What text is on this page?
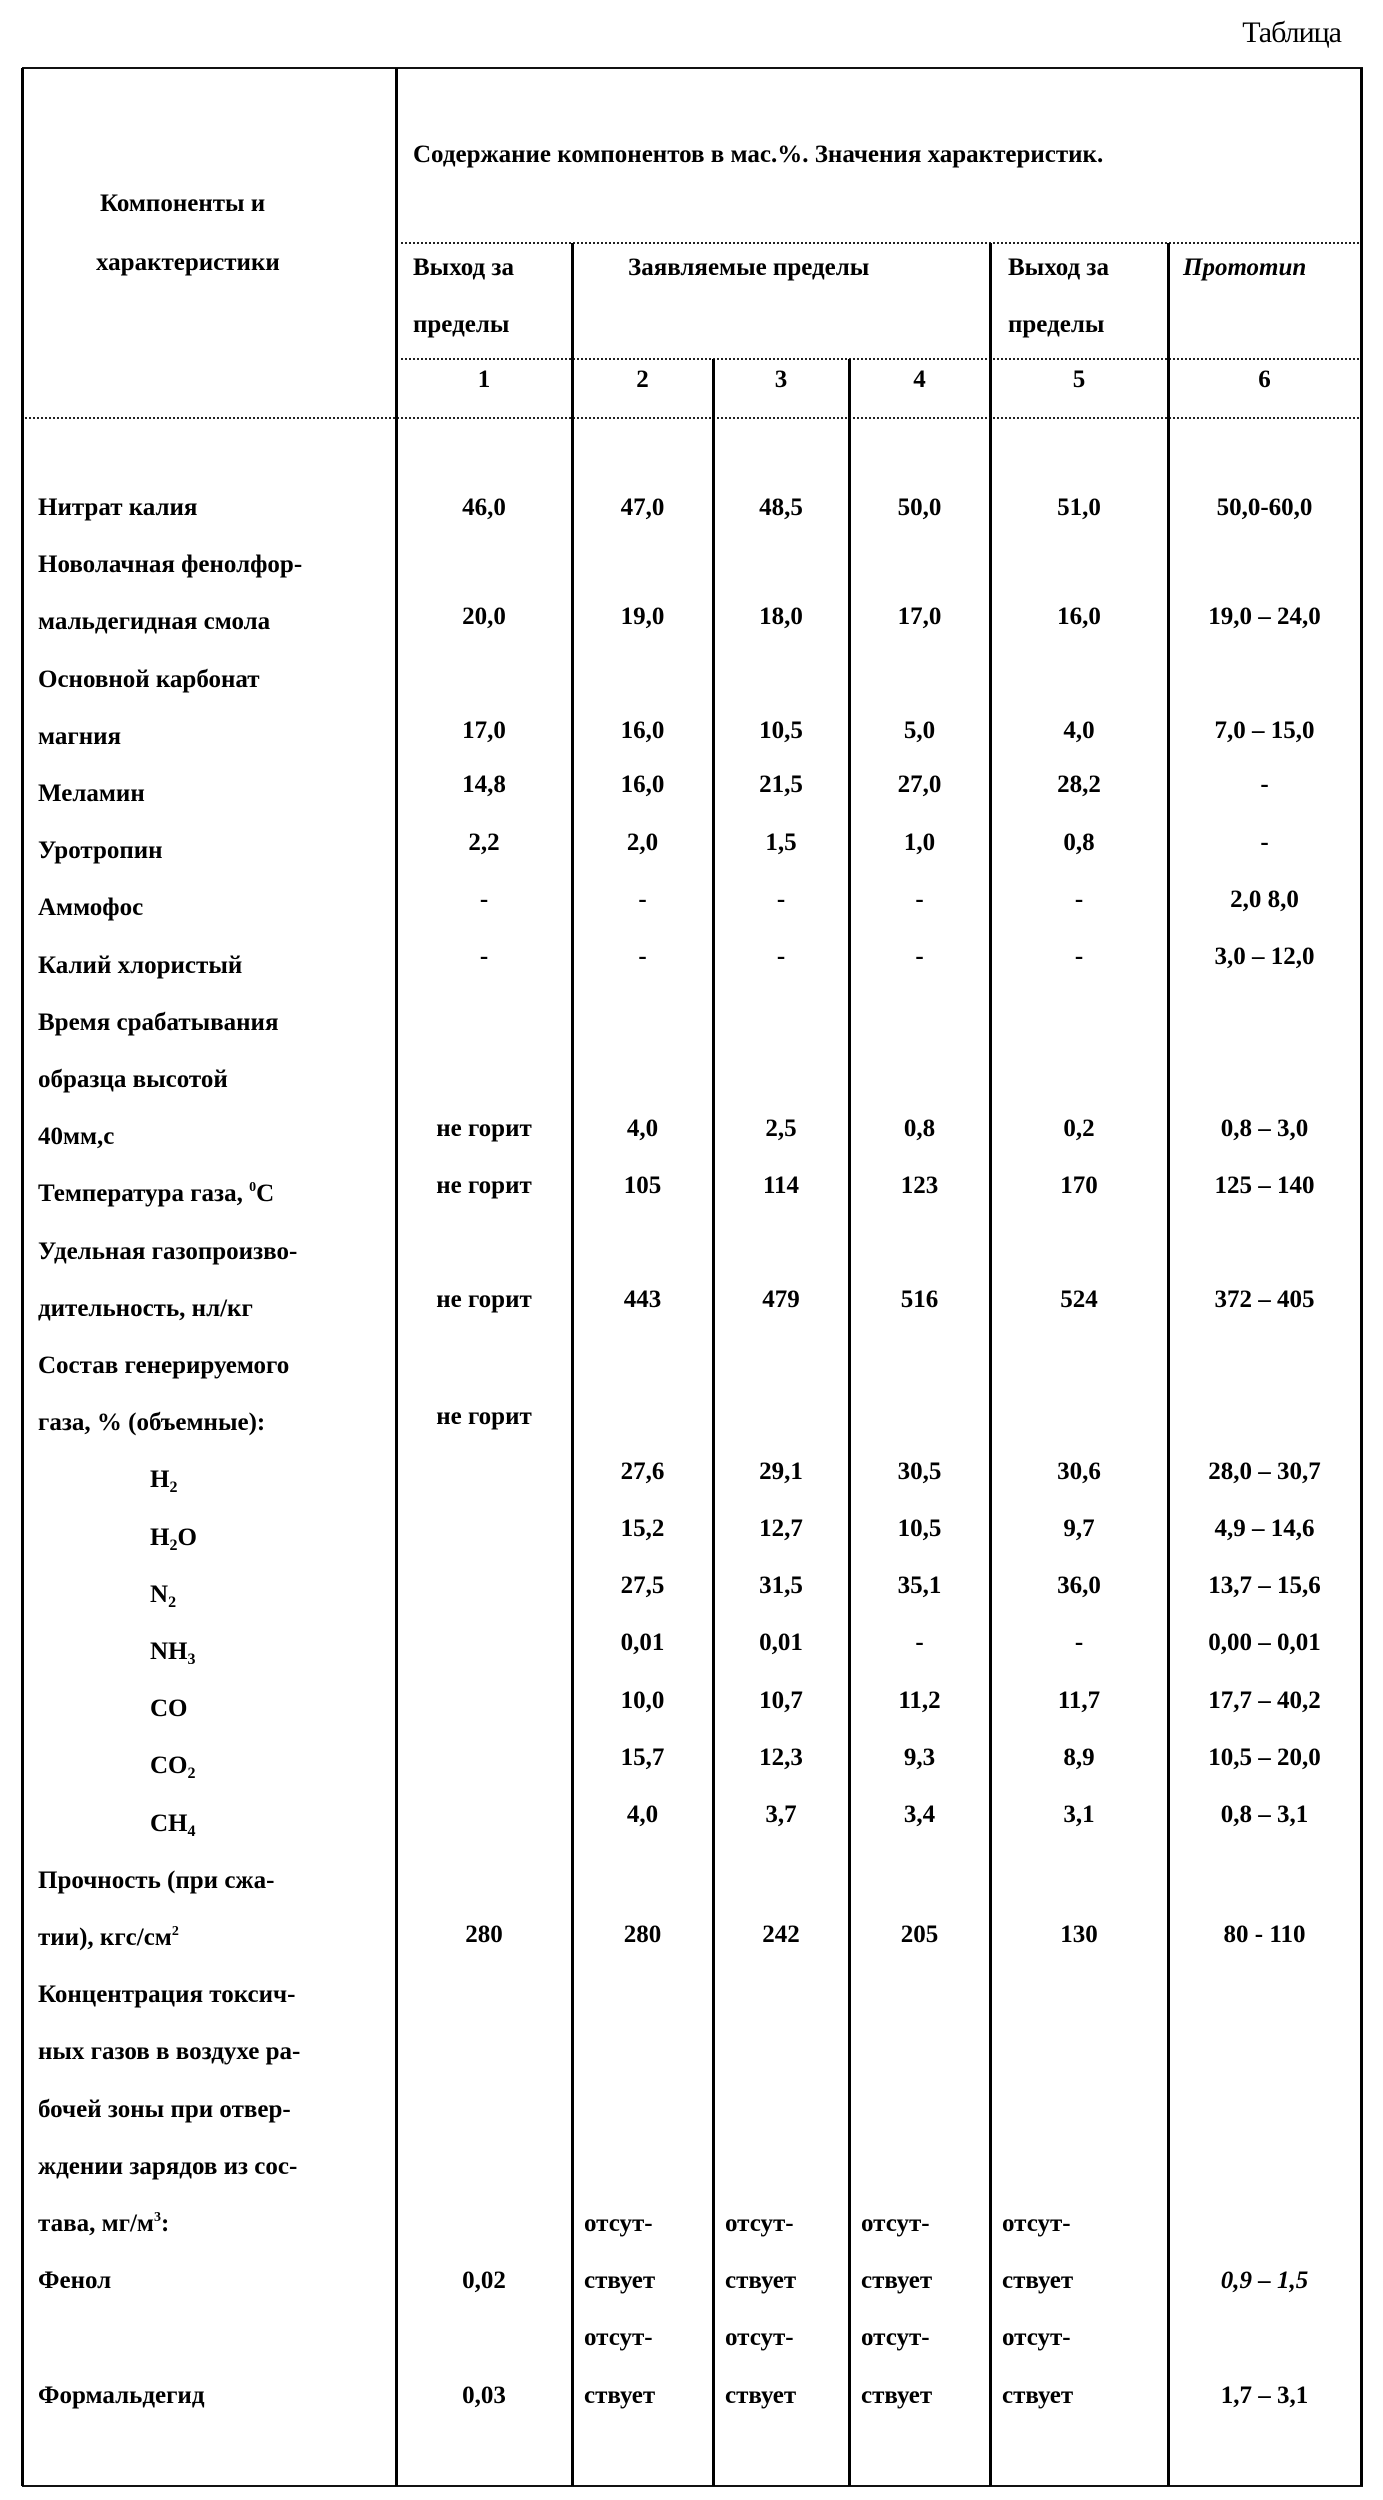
Таблица
Компоненты и
характеристики
Содержание компонентов в мас.%. Значения характеристик.
Выход за
пределы
Заявляемые пределы	Выход за
пределы
Прототип
1	2	3	4	5	6
Нитрат калия
Новолачная фенолфор-
мальдегидная смола
Основной карбонат
магния
Меламин
Уротропин
Аммофос
Калий хлористый
Время срабатывания
образца высотой
40мм,с
Температура газа, 0С
Удельная газопроизво-
дительность, нл/кг
Состав генерируемого
газа, % (объемные):
H2
H2O
N2
NH3
CO
CO2
CH4
Прочность (при сжа-
тии), кгс/см2
Концентрация токсич-
ных газов в воздухе ра-
бочей зоны при отвер-
ждении зарядов из сос-
тава, мг/м3:
Фенол
Формальдегид
46,0	47,0	48,5	50,0	51,0	50,0-60,0
20,0	19,0	18,0	17,0	16,0	19,0 – 24,0
17,0	16,0	10,5	5,0	4,0	7,0 – 15,0
14,8	16,0	21,5	27,0	28,2	-
2,2	2,0	1,5	1,0	0,8	-
-	-	-	-	-	2,0 8,0
-	-	-	-	-	3,0 – 12,0
не горит	4,0	2,5	0,8	0,2	0,8 – 3,0
не горит	105	114	123	170	125 – 140
не горит	443	479	516	524	372 – 405
не горит
27,6	29,1	30,5	30,6	28,0 – 30,7
15,2	12,7	10,5	9,7	4,9 – 14,6
27,5	31,5	35,1	36,0	13,7 – 15,6
0,01	0,01	-	-	0,00 – 0,01
10,0	10,7	11,2	11,7	17,7 – 40,2
15,7	12,3	9,3	8,9	10,5 – 20,0
4,0	3,7	3,4	3,1	0,8 – 3,1
280	280	242	205	130	80 - 110
0,02	ствует
отсут-
ствует
отсут-
ствует
отсут-
ствует
отсут-
0,9 – 1,5
0,03	ствует
отсут-
ствует
отсут-
ствует
отсут-
ствует
отсут-
1,7 – 3,1
